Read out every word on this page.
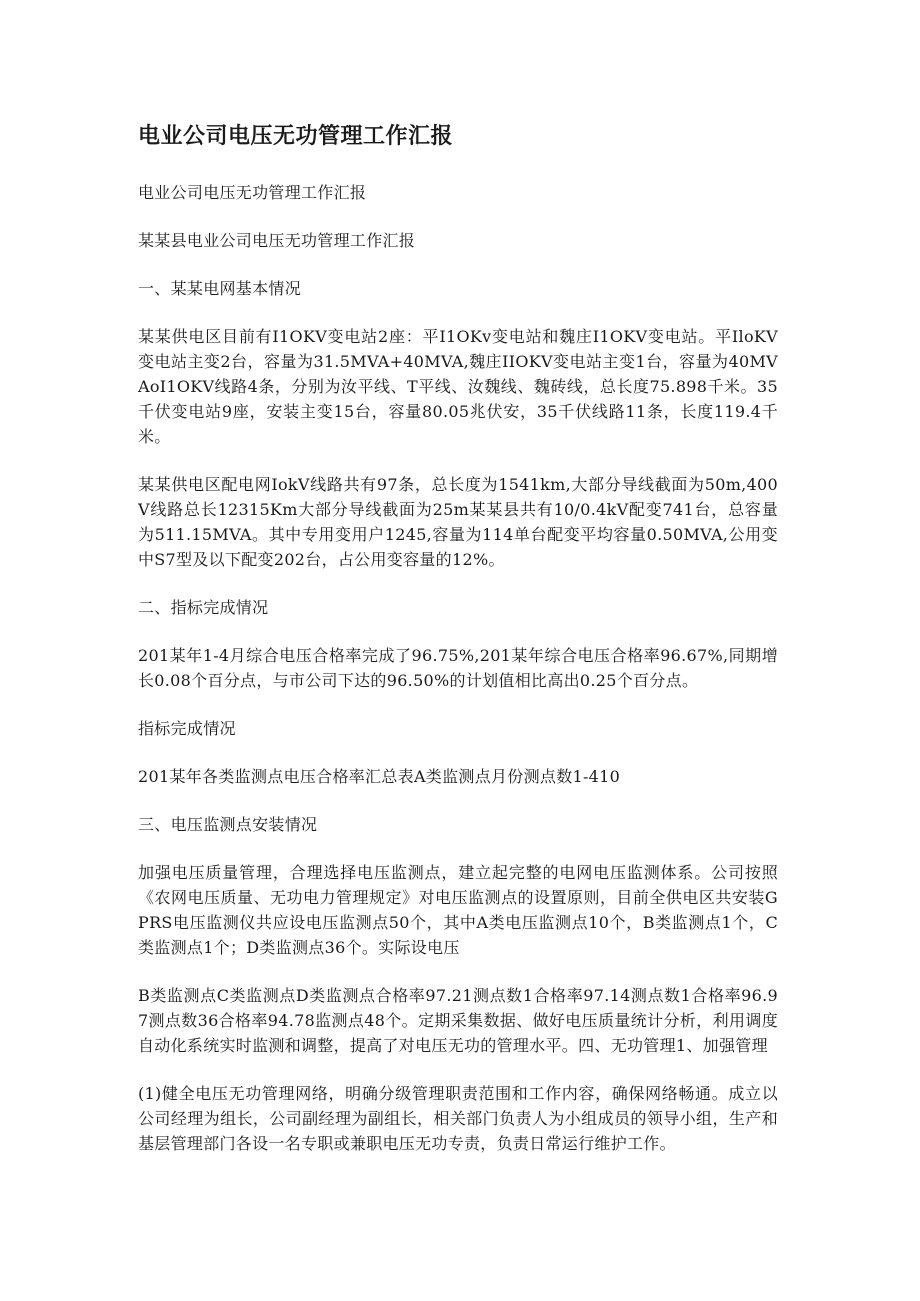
电业公司电压无功管理工作汇报

电业公司电压无功管理工作汇报

某某县电业公司电压无功管理工作汇报

一、某某电网基本情况

某某供电区目前有I1OKV变电站2座：平I1OKv变电站和魏庄I1OKV变电站。平IloKV变电站主变2台，容量为31.5MVA+40MVA,魏庄IIOKV变电站主变1台，容量为40MVAoI1OKV线路4条，分别为汝平线、T平线、汝魏线、魏砖线，总长度75.898千米。35千伏变电站9座，安装主变15台，容量80.05兆伏安，35千伏线路11条，长度119.4千米。

某某供电区配电网IokV线路共有97条，总长度为1541km,大部分导线截面为50m,400V线路总长12315Km大部分导线截面为25m某某县共有10/0.4kV配变741台，总容量为511.15MVA。其中专用变用户1245,容量为114单台配变平均容量0.50MVA,公用变中S7型及以下配变202台，占公用变容量的12%。

二、指标完成情况

201某年1-4月综合电压合格率完成了96.75%,201某年综合电压合格率96.67%,同期增长0.08个百分点，与市公司下达的96.50%的计划值相比高出0.25个百分点。

指标完成情况

201某年各类监测点电压合格率汇总表A类监测点月份测点数1-410

三、电压监测点安装情况

加强电压质量管理，合理选择电压监测点，建立起完整的电网电压监测体系。公司按照《农网电压质量、无功电力管理规定》对电压监测点的设置原则，目前全供电区共安装GPRS电压监测仪共应设电压监测点50个，其中A类电压监测点10个，B类监测点1个，C类监测点1个；D类监测点36个。实际设电压

B类监测点C类监测点D类监测点合格率97.21测点数1合格率97.14测点数1合格率96.97测点数36合格率94.78监测点48个。定期采集数据、做好电压质量统计分析，利用调度自动化系统实时监测和调整，提高了对电压无功的管理水平。四、无功管理1、加强管理

(1)健全电压无功管理网络，明确分级管理职责范围和工作内容，确保网络畅通。成立以公司经理为组长，公司副经理为副组长，相关部门负责人为小组成员的领导小组，生产和基层管理部门各设一名专职或兼职电压无功专责，负责日常运行维护工作。
